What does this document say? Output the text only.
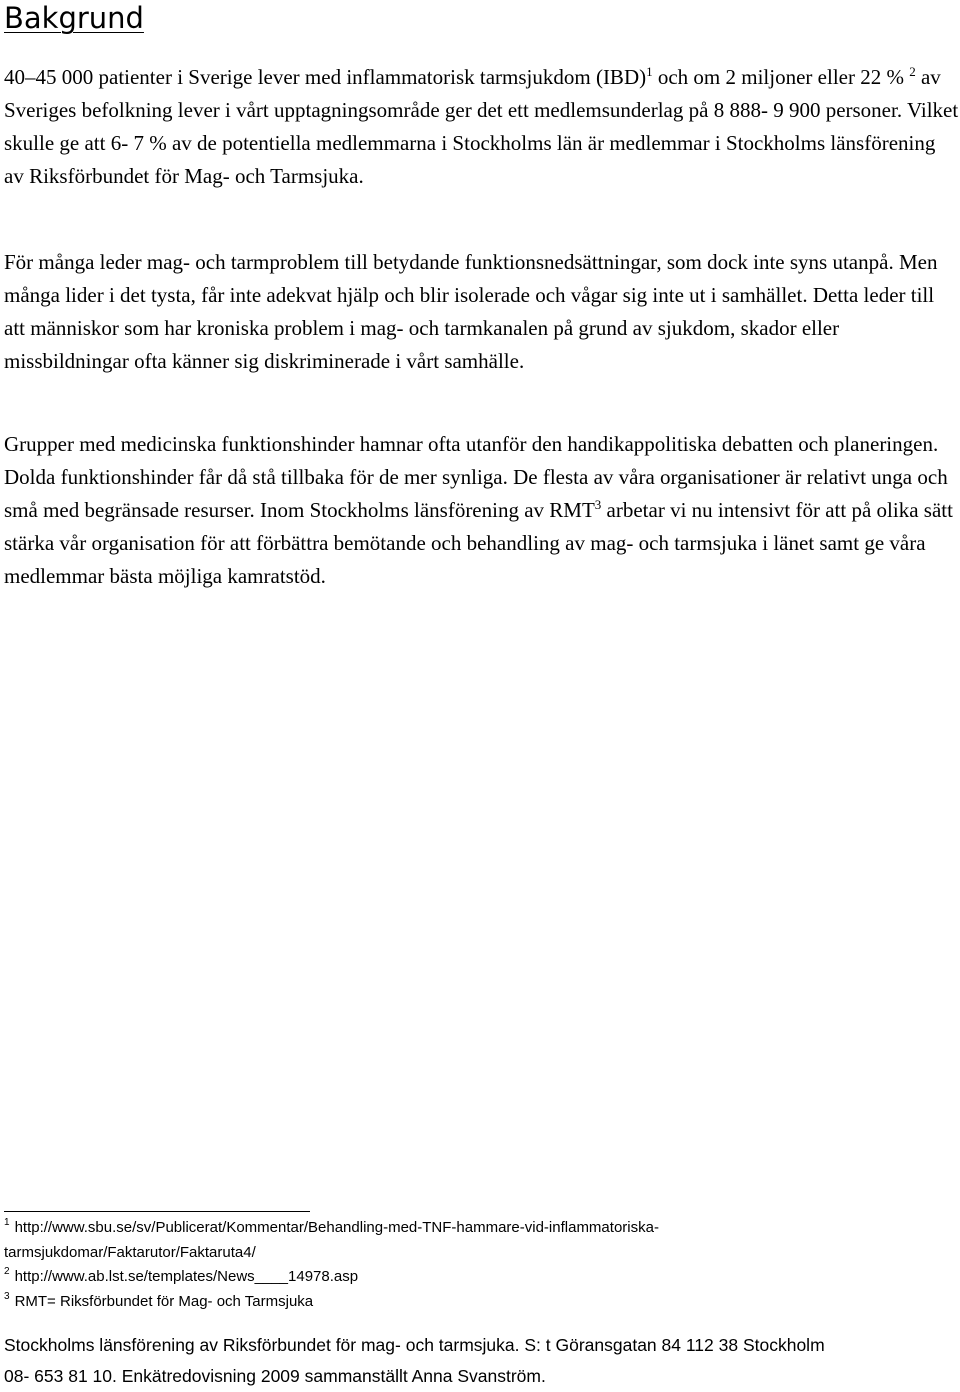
Bakgrund

40–45 000 patienter i Sverige lever med inflammatorisk tarmsjukdom (IBD)$^1$ och om 2 miljoner eller 22 % $^2$ av Sveriges befolkning lever i vårt upptagningsområde ger det ett medlemsunderlag på 8 888- 9 900 personer. Vilket skulle ge att 6- 7 % av de potentiella medlemmarna i Stockholms län är medlemmar i Stockholms länsförening av Riksförbundet för Mag- och Tarmsjuka.

För många leder mag- och tarmproblem till betydande funktionsnedsättningar, som dock inte syns utanpå. Men många lider i det tysta, får inte adekvat hjälp och blir isolerade och vågar sig inte ut i samhället. Detta leder till att människor som har kroniska problem i mag- och tarmkanalen på grund av sjukdom, skador eller missbildningar ofta känner sig diskriminerade i vårt samhälle.

Grupper med medicinska funktionshinder hamnar ofta utanför den handikappolitiska debatten och planeringen. Dolda funktionshinder får då stå tillbaka för de mer synliga. De flesta av våra organisationer är relativt unga och små med begränsade resurser. Inom Stockholms länsförening av RMT$^3$ arbetar vi nu intensivt för att på olika sätt stärka vår organisation för att förbättra bemötande och behandling av mag- och tarmsjuka i länet samt ge våra medlemmar bästa möjliga kamratstöd.

$^1$ http://www.sbu.se/sv/Publicerat/Kommentar/Behandling-med-TNF-hammare-vid-inflammatoriska-
tarmsjukdomar/Faktarutor/Faktaruta4/
$^2$ http://www.ab.lst.se/templates/News____14978.asp
$^3$ RMT= Riksförbundet för Mag- och Tarmsjuka
Stockholms länsförening av Riksförbundet för mag- och tarmsjuka. S: t Göransgatan 84 112 38 Stockholm
08- 653 81 10. Enkätredovisning 2009 sammanställt Anna Svanström.
